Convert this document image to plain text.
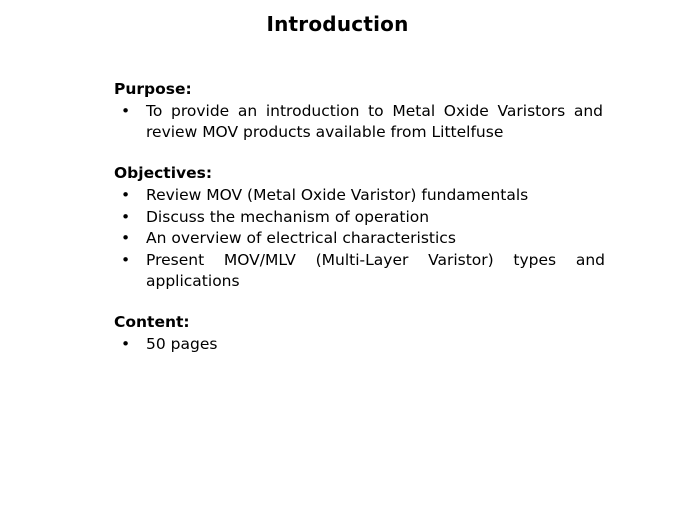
Introduction
Purpose:
• To provide an introduction to Metal Oxide Varistors and review MOV products available from Littelfuse
Objectives:
• Review MOV (Metal Oxide Varistor) fundamentals
• Discuss the mechanism of operation
• An overview of electrical characteristics
• Present MOV/MLV (Multi-Layer Varistor) types and applications
Content:
• 50 pages
